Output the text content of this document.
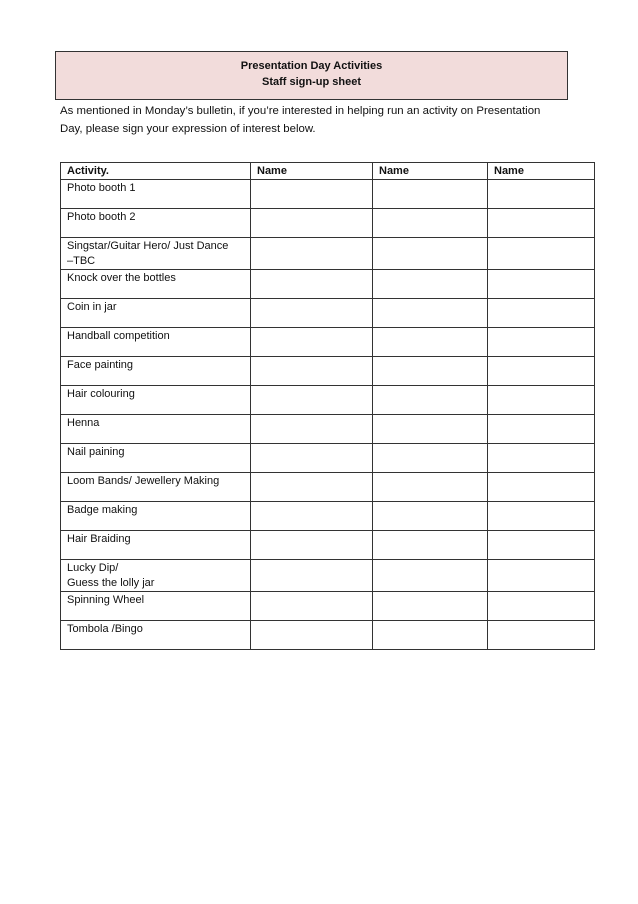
Presentation Day Activities
Staff sign-up sheet
As mentioned in Monday’s bulletin, if you’re interested in helping run an activity on Presentation
Day, please sign your expression of interest below.
Activity.	Name	Name	Name

Photo booth 1			

Photo booth 2			

Singstar/Guitar Hero/ Just Dance
–TBC			

Knock over the bottles			

Coin in jar			

Handball competition			

Face painting			

Hair colouring			

Henna			

Nail paining			

Loom Bands/ Jewellery Making			

Badge making			

Hair Braiding			

Lucky Dip/
Guess the lolly jar			

Spinning Wheel			

Tombola /Bingo			
